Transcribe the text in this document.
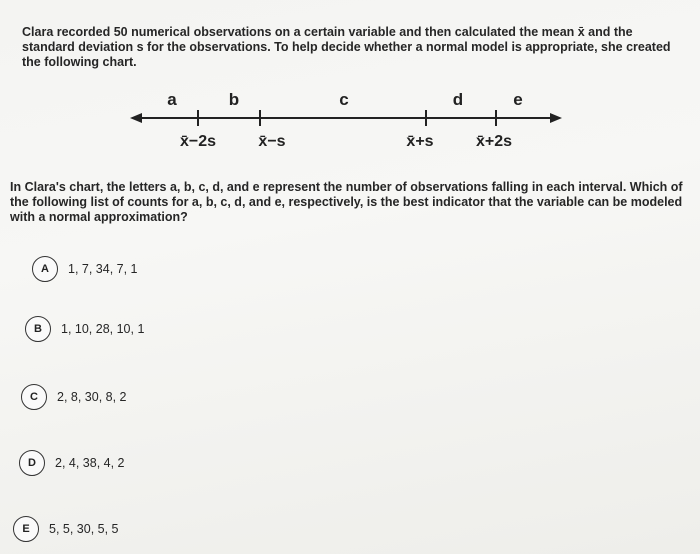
Clara recorded 50 numerical observations on a certain variable and then calculated the mean x̄ and the standard deviation s for the observations. To help decide whether a normal model is appropriate, she created the following chart.
a	b	c	d	e
x̄−2s	x̄−s	x̄+s	x̄+2s
In Clara's chart, the letters a, b, c, d, and e represent the number of observations falling in each interval. Which of the following list of counts for a, b, c, d, and e, respectively, is the best indicator that the variable can be modeled with a normal approximation?
A	1, 7, 34, 7, 1
B	1, 10, 28, 10, 1
C	2, 8, 30, 8, 2
D	2, 4, 38, 4, 2
E	5, 5, 30, 5, 5
